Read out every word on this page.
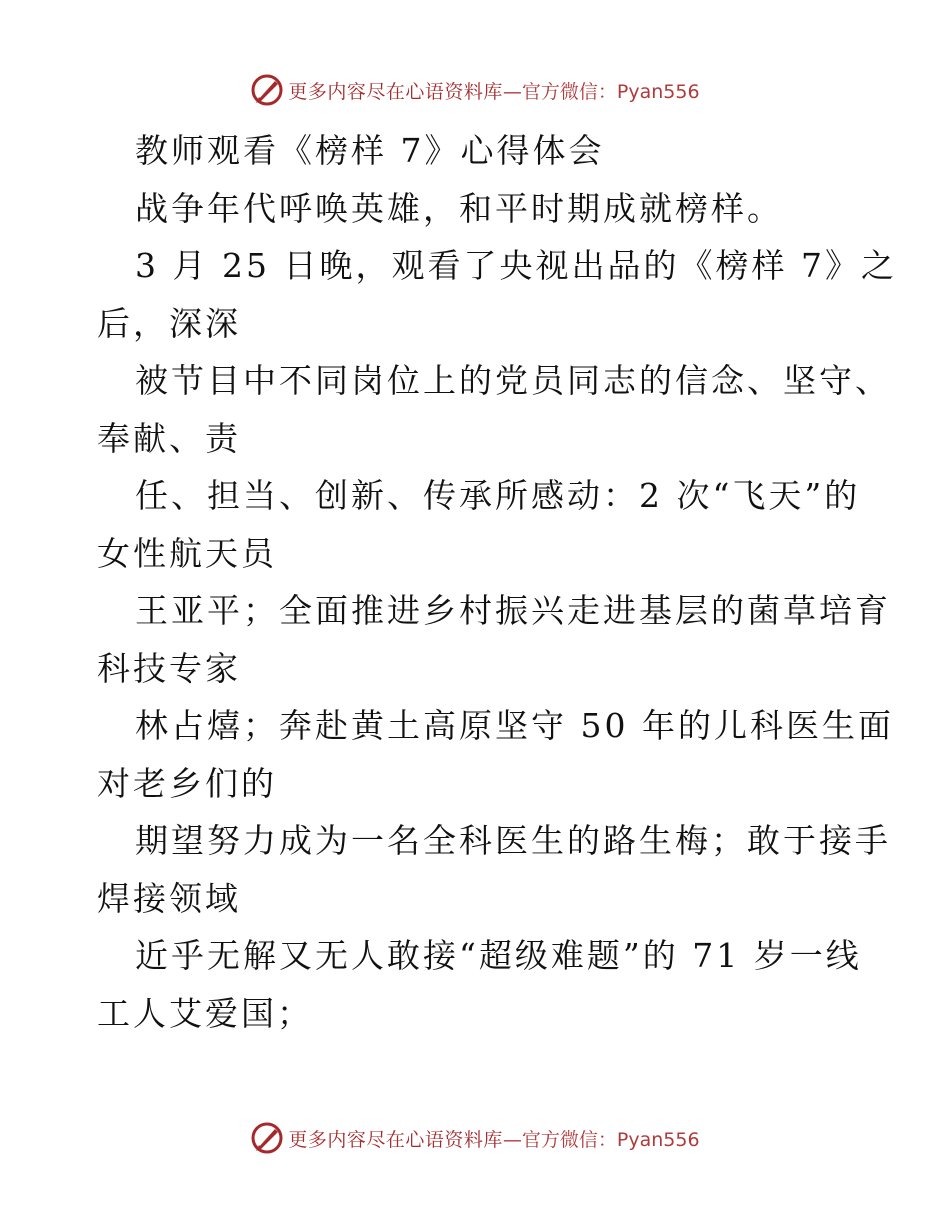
更多内容尽在心语资料库 —官方微信：Pyan556
教师观看《榜样 7》心得体会
战争年代呼唤英雄，和平时期成就榜样。
3 月 25 日晚，观看了央视出品的《榜样 7》之
后，深深
被节目中不同岗位上的党员同志的信念、坚守、
奉献、责
任、担当、创新、传承所感动：2 次“飞天”的
女性航天员
王亚平；全面推进乡村振兴走进基层的菌草培育
科技专家
林占熺；奔赴黄土高原坚守 50 年的儿科医生面
对老乡们的
期望努力成为一名全科医生的路生梅；敢于接手
焊接领域
近乎无解又无人敢接“超级难题”的 71 岁一线
工人艾爱国；
更多内容尽在心语资料库 —官方微信：Pyan556
